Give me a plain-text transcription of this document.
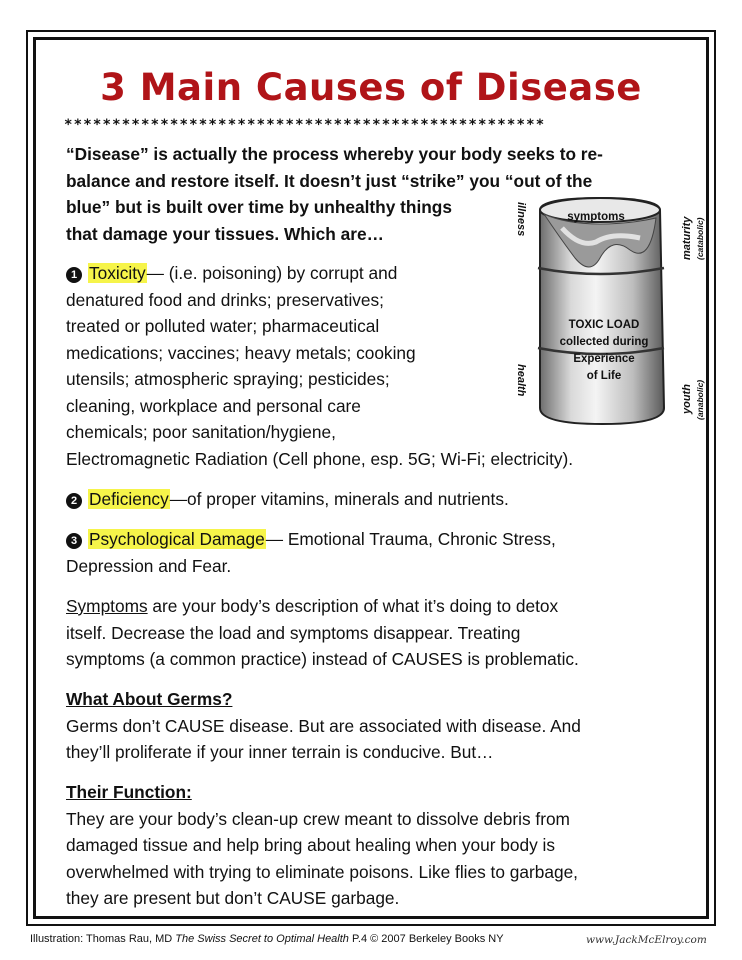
3 Main Causes of Disease
**************************************************

“Disease” is actually the process whereby your body seeks to re-
balance and restore itself. It doesn’t just “strike” you “out of the
blue” but is built over time by unhealthy things
that damage your tissues. Which are…

symptoms
TOXIC LOAD
collected during
Experience
of Life
illness
health
maturity (catabolic)
youth (anabolic)

1 Toxicity— (i.e. poisoning) by corrupt and
denatured food and drinks; preservatives;
treated or polluted water; pharmaceutical
medications; vaccines; heavy metals; cooking
utensils; atmospheric spraying; pesticides;
cleaning, workplace and personal care
chemicals; poor sanitation/hygiene,
Electromagnetic Radiation (Cell phone, esp. 5G; Wi-Fi; electricity).

2 Deficiency—of proper vitamins, minerals and nutrients.

3 Psychological Damage— Emotional Trauma, Chronic Stress,
Depression and Fear.

Symptoms are your body’s description of what it’s doing to detox
itself. Decrease the load and symptoms disappear. Treating
symptoms (a common practice) instead of CAUSES is problematic.

What About Germs?
Germs don’t CAUSE disease. But are associated with disease. And
they’ll proliferate if your inner terrain is conducive. But…

Their Function:
They are your body’s clean-up crew meant to dissolve debris from
damaged tissue and help bring about healing when your body is
overwhelmed with trying to eliminate poisons. Like flies to garbage,
they are present but don’t CAUSE garbage.

Illustration: Thomas Rau, MD The Swiss Secret to Optimal Health P.4 © 2007 Berkeley Books NY	www.JackMcElroy.com
